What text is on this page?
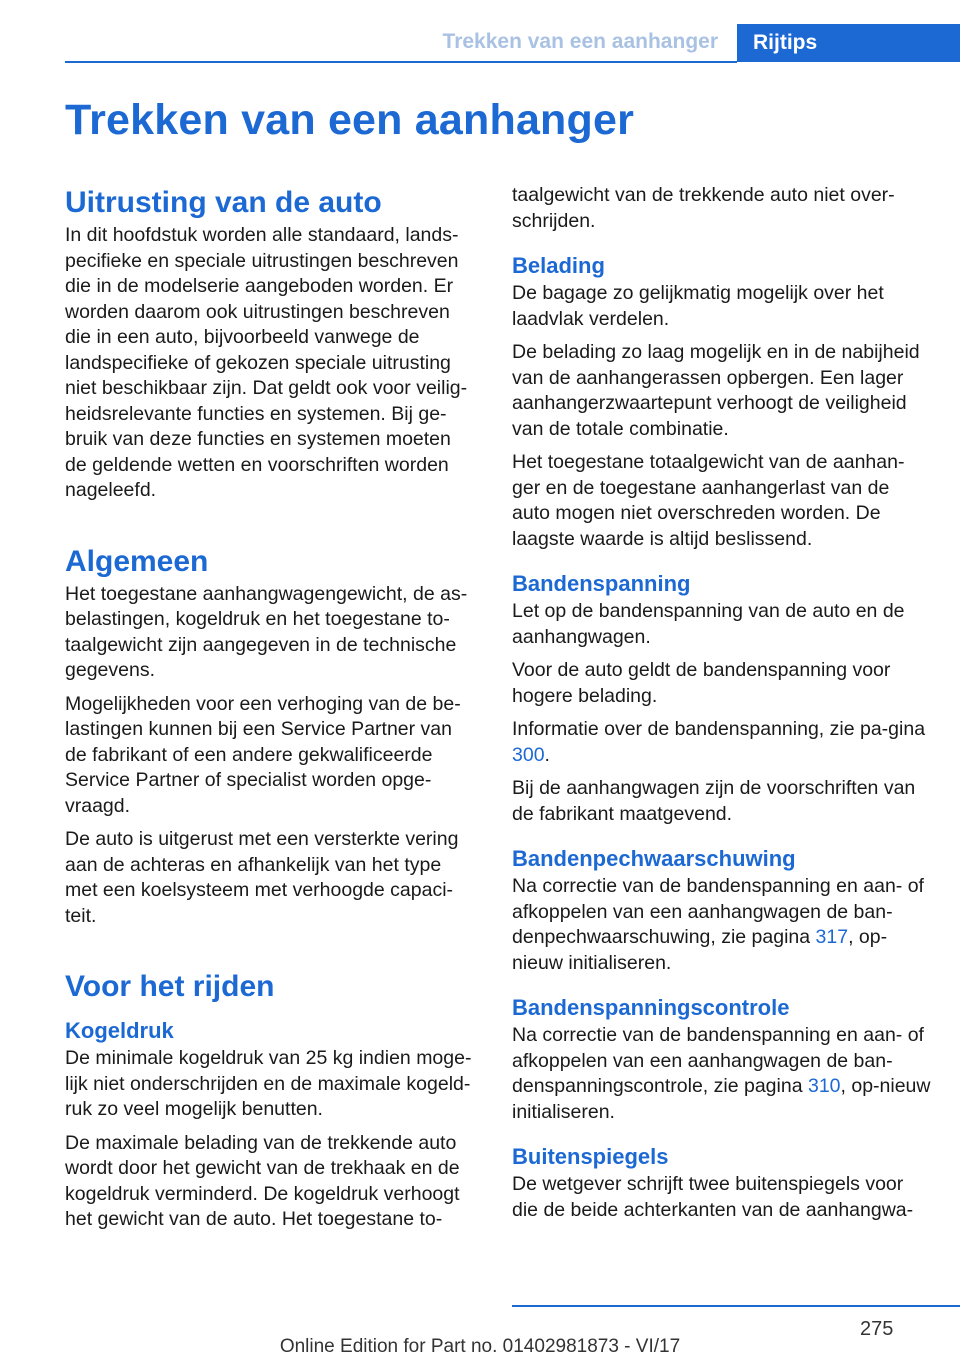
Trekken van een aanhanger	Rijtips
Trekken van een aanhanger
Uitrusting van de auto

In dit hoofdstuk worden alle standaard, lands-pecifieke en speciale uitrustingen beschreven die in de modelserie aangeboden worden. Er worden daarom ook uitrustingen beschreven die in een auto, bijvoorbeeld vanwege de landspecifieke of gekozen speciale uitrusting niet beschikbaar zijn. Dat geldt ook voor veilig-heidsrelevante functies en systemen. Bij ge-bruik van deze functies en systemen moeten de geldende wetten en voorschriften worden nageleefd.

Algemeen

Het toegestane aanhangwagengewicht, de as-belastingen, kogeldruk en het toegestane to-taalgewicht zijn aangegeven in de technische gegevens.

Mogelijkheden voor een verhoging van de be-lastingen kunnen bij een Service Partner van de fabrikant of een andere gekwalificeerde Service Partner of specialist worden opge-vraagd.

De auto is uitgerust met een versterkte vering aan de achteras en afhankelijk van het type met een koelsysteem met verhoogde capaci-teit.

Voor het rijden
Kogeldruk

De minimale kogeldruk van 25 kg indien moge-lijk niet onderschrijden en de maximale kogeld-ruk zo veel mogelijk benutten.

De maximale belading van de trekkende auto wordt door het gewicht van de trekhaak en de kogeldruk verminderd. De kogeldruk verhoogt het gewicht van de auto. Het toegestane to-

taalgewicht van de trekkende auto niet over-schrijden.

Belading

De bagage zo gelijkmatig mogelijk over het laadvlak verdelen.

De belading zo laag mogelijk en in de nabijheid van de aanhangerassen opbergen. Een lager aanhangerzwaartepunt verhoogt de veiligheid van de totale combinatie.

Het toegestane totaalgewicht van de aanhan-ger en de toegestane aanhangerlast van de auto mogen niet overschreden worden. De laagste waarde is altijd beslissend.

Bandenspanning

Let op de bandenspanning van de auto en de aanhangwagen.

Voor de auto geldt de bandenspanning voor hogere belading.

Informatie over de bandenspanning, zie pa-gina 300.

Bij de aanhangwagen zijn de voorschriften van de fabrikant maatgevend.

Bandenpechwaarschuwing

Na correctie van de bandenspanning en aan- of afkoppelen van een aanhangwagen de ban-denpechwaarschuwing, zie pagina 317, op-nieuw initialiseren.

Bandenspanningscontrole

Na correctie van de bandenspanning en aan- of afkoppelen van een aanhangwagen de ban-denspanningscontrole, zie pagina 310, op-nieuw initialiseren.

Buitenspiegels

De wetgever schrijft twee buitenspiegels voor die de beide achterkanten van de aanhangwa-

275
Online Edition for Part no. 01402981873 - VI/17
